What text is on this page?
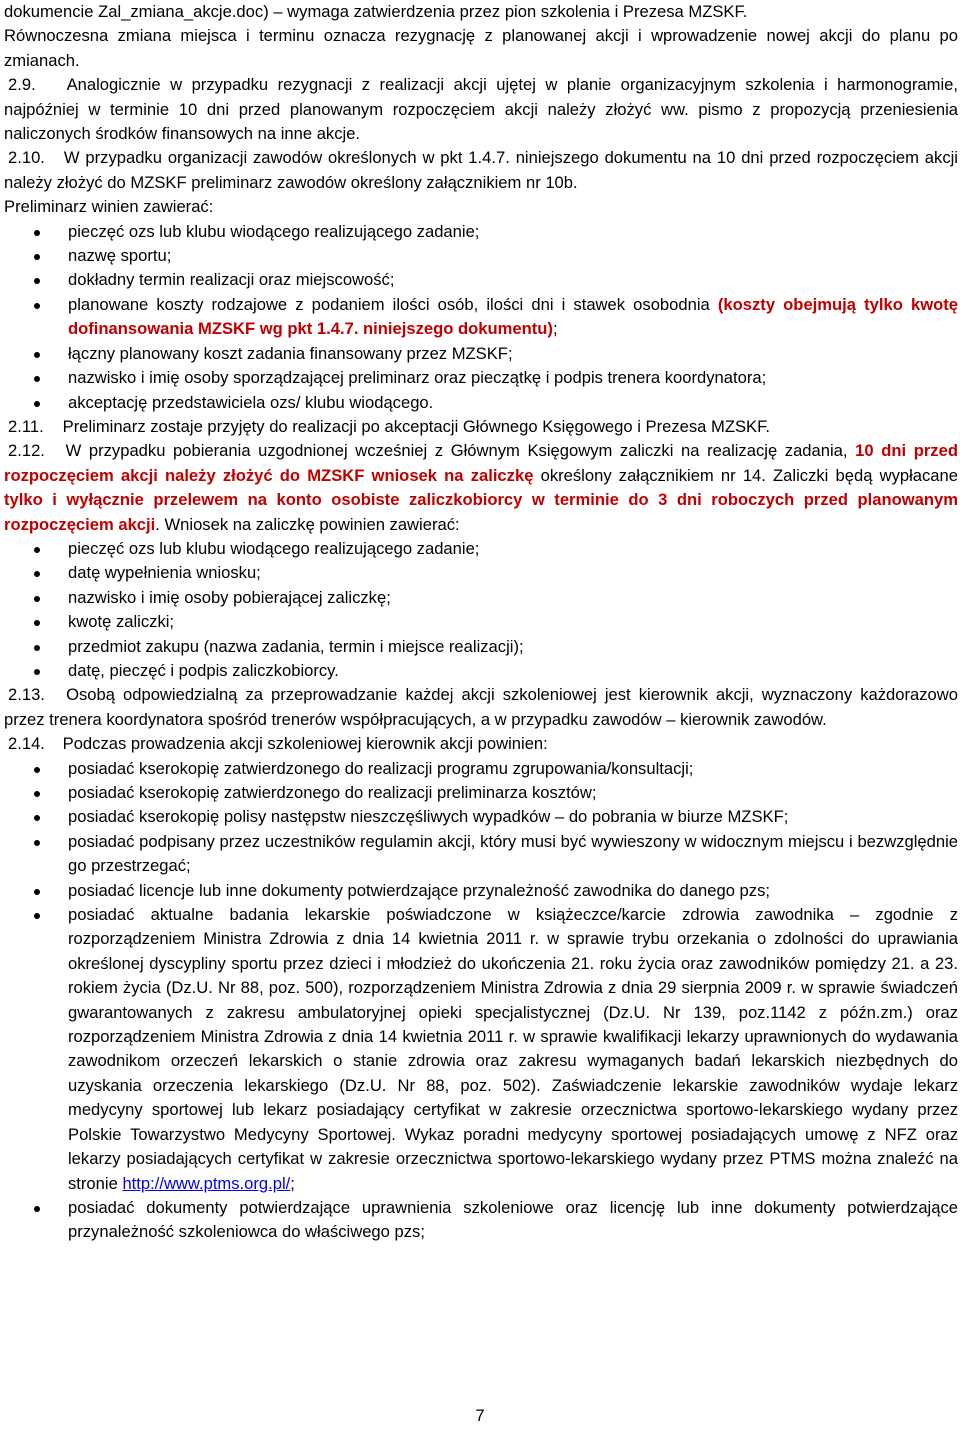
dokumencie Zal_zmiana_akcje.doc) – wymaga zatwierdzenia przez pion szkolenia i Prezesa MZSKF.

Równoczesna zmiana miejsca i terminu oznacza rezygnację z planowanej akcji i wprowadzenie nowej akcji do planu po zmianach.

2.9. Analogicznie w przypadku rezygnacji z realizacji akcji ujętej w planie organizacyjnym szkolenia i harmonogramie, najpóźniej w terminie 10 dni przed planowanym rozpoczęciem akcji należy złożyć ww. pismo z propozycją przeniesienia naliczonych środków finansowych na inne akcje.

2.10. W przypadku organizacji zawodów określonych w pkt 1.4.7. niniejszego dokumentu na 10 dni przed rozpoczęciem akcji należy złożyć do MZSKF preliminarz zawodów określony załącznikiem nr 10b.

Preliminarz winien zawierać:

pieczęć ozs lub klubu wiodącego realizującego zadanie;
nazwę sportu;
dokładny termin realizacji oraz miejscowość;
planowane koszty rodzajowe z podaniem ilości osób, ilości dni i stawek osobodnia (koszty obejmują tylko kwotę dofinansowania MZSKF wg pkt 1.4.7. niniejszego dokumentu);
łączny planowany koszt zadania finansowany przez MZSKF;
nazwisko i imię osoby sporządzającej preliminarz oraz pieczątkę i podpis trenera koordynatora;
akceptację przedstawiciela ozs/ klubu wiodącego.

2.11. Preliminarz zostaje przyjęty do realizacji po akceptacji Głównego Księgowego i Prezesa MZSKF.

2.12. W przypadku pobierania uzgodnionej wcześniej z Głównym Księgowym zaliczki na realizację zadania, 10 dni przed rozpoczęciem akcji należy złożyć do MZSKF wniosek na zaliczkę określony załącznikiem nr 14. Zaliczki będą wypłacane tylko i wyłącznie przelewem na konto osobiste zaliczkobiorcy w terminie do 3 dni roboczych przed planowanym rozpoczęciem akcji. Wniosek na zaliczkę powinien zawierać:

pieczęć ozs lub klubu wiodącego realizującego zadanie;
datę wypełnienia wniosku;
nazwisko i imię osoby pobierającej zaliczkę;
kwotę zaliczki;
przedmiot zakupu (nazwa zadania, termin i miejsce realizacji);
datę, pieczęć i podpis zaliczkobiorcy.

2.13. Osobą odpowiedzialną za przeprowadzanie każdej akcji szkoleniowej jest kierownik akcji, wyznaczony każdorazowo przez trenera koordynatora spośród trenerów współpracujących, a w przypadku zawodów – kierownik zawodów.

2.14. Podczas prowadzenia akcji szkoleniowej kierownik akcji powinien:

posiadać kserokopię zatwierdzonego do realizacji programu zgrupowania/konsultacji;
posiadać kserokopię zatwierdzonego do realizacji preliminarza kosztów;
posiadać kserokopię polisy następstw nieszczęśliwych wypadków – do pobrania w biurze MZSKF;
posiadać podpisany przez uczestników regulamin akcji, który musi być wywieszony w widocznym miejscu i bezwzględnie go przestrzegać;
posiadać licencje lub inne dokumenty potwierdzające przynależność zawodnika do danego pzs;
posiadać aktualne badania lekarskie poświadczone w książeczce/karcie zdrowia zawodnika – zgodnie z rozporządzeniem Ministra Zdrowia z dnia 14 kwietnia 2011 r. w sprawie trybu orzekania o zdolności do uprawiania określonej dyscypliny sportu przez dzieci i młodzież do ukończenia 21. roku życia oraz zawodników pomiędzy 21. a 23. rokiem życia (Dz.U. Nr 88, poz. 500), rozporządzeniem Ministra Zdrowia z dnia 29 sierpnia 2009 r. w sprawie świadczeń gwarantowanych z zakresu ambulatoryjnej opieki specjalistycznej (Dz.U. Nr 139, poz.1142 z późn.zm.) oraz rozporządzeniem Ministra Zdrowia z dnia 14 kwietnia 2011 r. w sprawie kwalifikacji lekarzy uprawnionych do wydawania zawodnikom orzeczeń lekarskich o stanie zdrowia oraz zakresu wymaganych badań lekarskich niezbędnych do uzyskania orzeczenia lekarskiego (Dz.U. Nr 88, poz. 502). Zaświadczenie lekarskie zawodników wydaje lekarz medycyny sportowej lub lekarz posiadający certyfikat w zakresie orzecznictwa sportowo-lekarskiego wydany przez Polskie Towarzystwo Medycyny Sportowej. Wykaz poradni medycyny sportowej posiadających umowę z NFZ oraz lekarzy posiadających certyfikat w zakresie orzecznictwa sportowo-lekarskiego wydany przez PTMS można znaleźć na stronie http://www.ptms.org.pl/;
posiadać dokumenty potwierdzające uprawnienia szkoleniowe oraz licencję lub inne dokumenty potwierdzające przynależność szkoleniowca do właściwego pzs;
7
